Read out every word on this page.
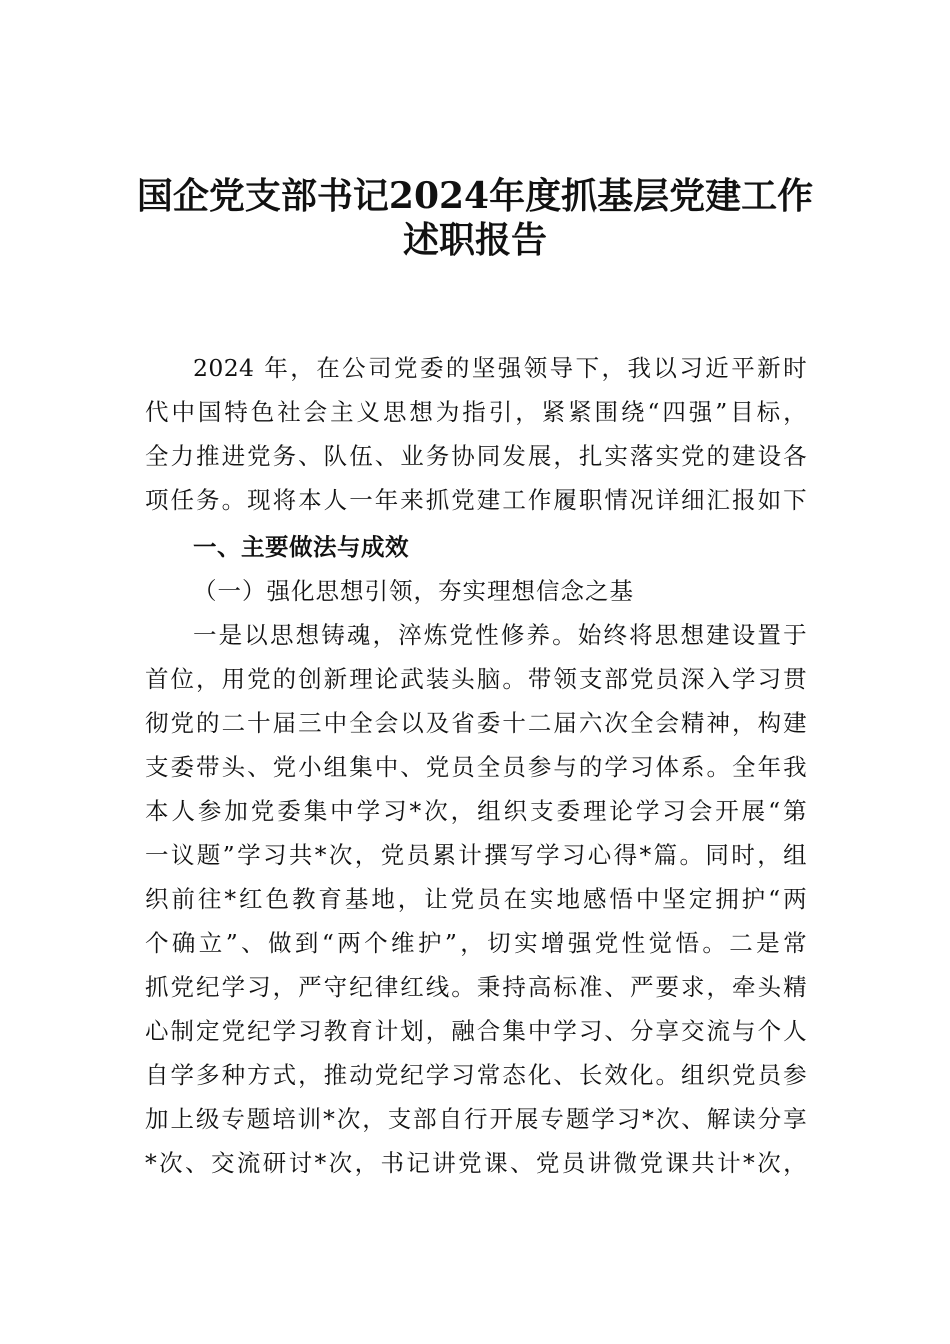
国企党支部书记2024年度抓基层党建工作
述职报告
2024 年，在公司党委的坚强领导下，我以习近平新时
代中国特色社会主义思想为指引，紧紧围绕“四强”目标，
全力推进党务、队伍、业务协同发展，扎实落实党的建设各
项任务。现将本人一年来抓党建工作履职情况详细汇报如下
一、主要做法与成效
（一）强化思想引领，夯实理想信念之基
一是以思想铸魂，淬炼党性修养。始终将思想建设置于
首位，用党的创新理论武装头脑。带领支部党员深入学习贯
彻党的二十届三中全会以及省委十二届六次全会精神，构建
支委带头、党小组集中、党员全员参与的学习体系。全年我
本人参加党委集中学习*次，组织支委理论学习会开展“第
一议题”学习共*次，党员累计撰写学习心得*篇。同时，组
织前往*红色教育基地，让党员在实地感悟中坚定拥护“两
个确立”、做到“两个维护”，切实增强党性觉悟。二是常
抓党纪学习，严守纪律红线。秉持高标准、严要求，牵头精
心制定党纪学习教育计划，融合集中学习、分享交流与个人
自学多种方式，推动党纪学习常态化、长效化。组织党员参
加上级专题培训*次，支部自行开展专题学习*次、解读分享
*次、交流研讨*次，书记讲党课、党员讲微党课共计*次，
